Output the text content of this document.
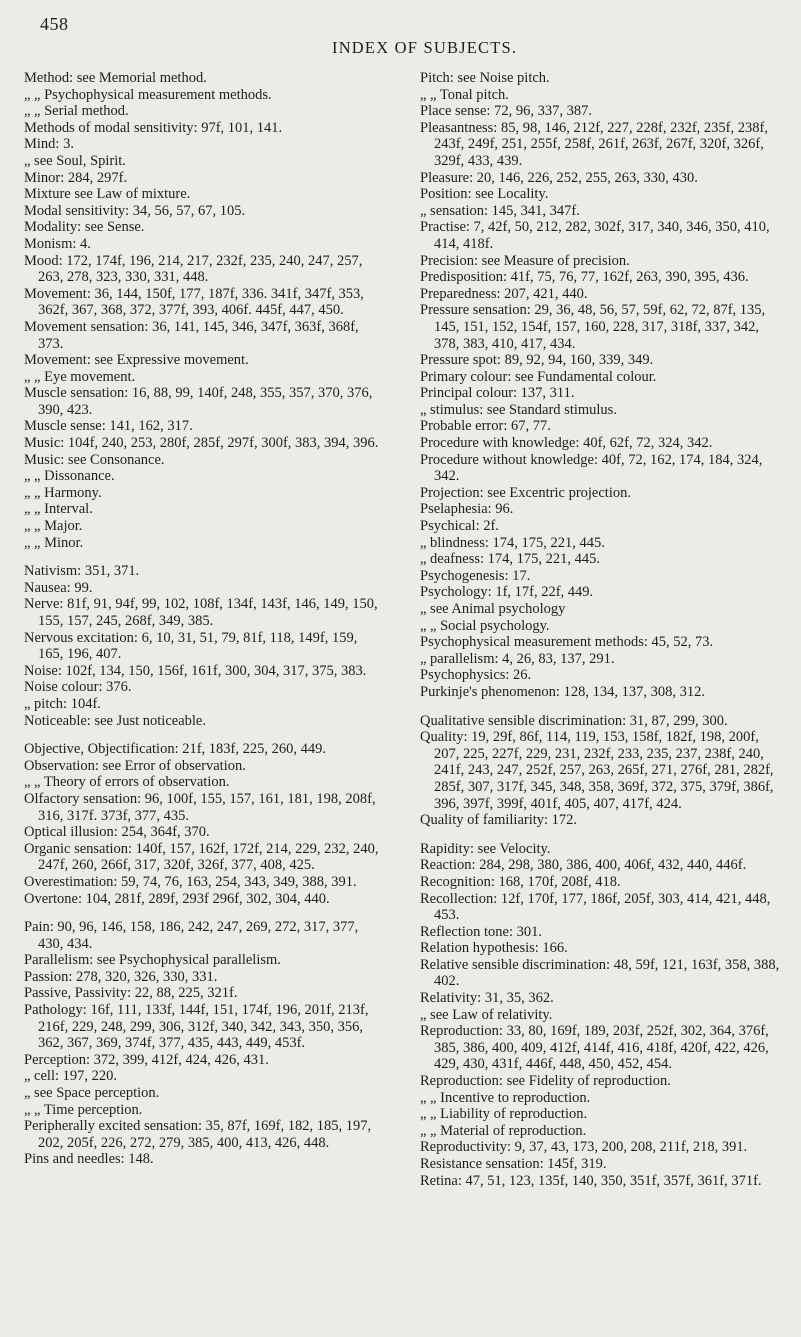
458
INDEX OF SUBJECTS.
Method: see Memorial method.
„ „ Psychophysical measurement methods.
„ „ Serial method.
Methods of modal sensitivity: 97f, 101, 141.
Mind: 3.
„ see Soul, Spirit.
Minor: 284, 297f.
Mixture see Law of mixture.
Modal sensitivity: 34, 56, 57, 67, 105.
Modality: see Sense.
Monism: 4.
Mood: 172, 174f, 196, 214, 217, 232f, 235, 240, 247, 257, 263, 278, 323, 330, 331, 448.
Movement: 36, 144, 150f, 177, 187f, 336. 341f, 347f, 353, 362f, 367, 368, 372, 377f, 393, 406f. 445f, 447, 450.
Movement sensation: 36, 141, 145, 346, 347f, 363f, 368f, 373.
Movement: see Expressive movement.
„ „ Eye movement.
Muscle sensation: 16, 88, 99, 140f, 248, 355, 357, 370, 376, 390, 423.
Muscle sense: 141, 162, 317.
Music: 104f, 240, 253, 280f, 285f, 297f, 300f, 383, 394, 396.
Music: see Consonance.
„ „ Dissonance.
„ „ Harmony.
„ „ Interval.
„ „ Major.
„ „ Minor.
Nativism: 351, 371.
Nausea: 99.
Nerve: 81f, 91, 94f, 99, 102, 108f, 134f, 143f, 146, 149, 150, 155, 157, 245, 268f, 349, 385.
Nervous excitation: 6, 10, 31, 51, 79, 81f, 118, 149f, 159, 165, 196, 407.
Noise: 102f, 134, 150, 156f, 161f, 300, 304, 317, 375, 383.
Noise colour: 376.
„ pitch: 104f.
Noticeable: see Just noticeable.
Objective, Objectification: 21f, 183f, 225, 260, 449.
Observation: see Error of observation.
„ „ Theory of errors of observation.
Olfactory sensation: 96, 100f, 155, 157, 161, 181, 198, 208f, 316, 317f. 373f, 377, 435.
Optical illusion: 254, 364f, 370.
Organic sensation: 140f, 157, 162f, 172f, 214, 229, 232, 240, 247f, 260, 266f, 317, 320f, 326f, 377, 408, 425.
Overestimation: 59, 74, 76, 163, 254, 343, 349, 388, 391.
Overtone: 104, 281f, 289f, 293f 296f, 302, 304, 440.
Pain: 90, 96, 146, 158, 186, 242, 247, 269, 272, 317, 377, 430, 434.
Parallelism: see Psychophysical parallelism.
Passion: 278, 320, 326, 330, 331.
Passive, Passivity: 22, 88, 225, 321f.
Pathology: 16f, 111, 133f, 144f, 151, 174f, 196, 201f, 213f, 216f, 229, 248, 299, 306, 312f, 340, 342, 343, 350, 356, 362, 367, 369, 374f, 377, 435, 443, 449, 453f.
Perception: 372, 399, 412f, 424, 426, 431.
„ cell: 197, 220.
„ see Space perception.
„ „ Time perception.
Peripherally excited sensation: 35, 87f, 169f, 182, 185, 197, 202, 205f, 226, 272, 279, 385, 400, 413, 426, 448.
Pins and needles: 148.
Pitch: see Noise pitch.
„ „ Tonal pitch.
Place sense: 72, 96, 337, 387.
Pleasantness: 85, 98, 146, 212f, 227, 228f, 232f, 235f, 238f, 243f, 249f, 251, 255f, 258f, 261f, 263f, 267f, 320f, 326f, 329f, 433, 439.
Pleasure: 20, 146, 226, 252, 255, 263, 330, 430.
Position: see Locality.
„ sensation: 145, 341, 347f.
Practise: 7, 42f, 50, 212, 282, 302f, 317, 340, 346, 350, 410, 414, 418f.
Precision: see Measure of precision.
Predisposition: 41f, 75, 76, 77, 162f, 263, 390, 395, 436.
Preparedness: 207, 421, 440.
Pressure sensation: 29, 36, 48, 56, 57, 59f, 62, 72, 87f, 135, 145, 151, 152, 154f, 157, 160, 228, 317, 318f, 337, 342, 378, 383, 410, 417, 434.
Pressure spot: 89, 92, 94, 160, 339, 349.
Primary colour: see Fundamental colour.
Principal colour: 137, 311.
„ stimulus: see Standard stimulus.
Probable error: 67, 77.
Procedure with knowledge: 40f, 62f, 72, 324, 342.
Procedure without knowledge: 40f, 72, 162, 174, 184, 324, 342.
Projection: see Excentric projection.
Pselaphesia: 96.
Psychical: 2f.
„ blindness: 174, 175, 221, 445.
„ deafness: 174, 175, 221, 445.
Psychogenesis: 17.
Psychology: 1f, 17f, 22f, 449.
„ see Animal psychology
„ „ Social psychology.
Psychophysical measurement methods: 45, 52, 73.
„ parallelism: 4, 26, 83, 137, 291.
Psychophysics: 26.
Purkinje's phenomenon: 128, 134, 137, 308, 312.
Qualitative sensible discrimination: 31, 87, 299, 300.
Quality: 19, 29f, 86f, 114, 119, 153, 158f, 182f, 198, 200f, 207, 225, 227f, 229, 231, 232f, 233, 235, 237, 238f, 240, 241f, 243, 247, 252f, 257, 263, 265f, 271, 276f, 281, 282f, 285f, 307, 317f, 345, 348, 358, 369f, 372, 375, 379f, 386f, 396, 397f, 399f, 401f, 405, 407, 417f, 424.
Quality of familiarity: 172.
Rapidity: see Velocity.
Reaction: 284, 298, 380, 386, 400, 406f, 432, 440, 446f.
Recognition: 168, 170f, 208f, 418.
Recollection: 12f, 170f, 177, 186f, 205f, 303, 414, 421, 448, 453.
Reflection tone: 301.
Relation hypothesis: 166.
Relative sensible discrimination: 48, 59f, 121, 163f, 358, 388, 402.
Relativity: 31, 35, 362.
„ see Law of relativity.
Reproduction: 33, 80, 169f, 189, 203f, 252f, 302, 364, 376f, 385, 386, 400, 409, 412f, 414f, 416, 418f, 420f, 422, 426, 429, 430, 431f, 446f, 448, 450, 452, 454.
Reproduction: see Fidelity of reproduction.
„ „ Incentive to reproduction.
„ „ Liability of reproduction.
„ „ Material of reproduction.
Reproductivity: 9, 37, 43, 173, 200, 208, 211f, 218, 391.
Resistance sensation: 145f, 319.
Retina: 47, 51, 123, 135f, 140, 350, 351f, 357f, 361f, 371f.
